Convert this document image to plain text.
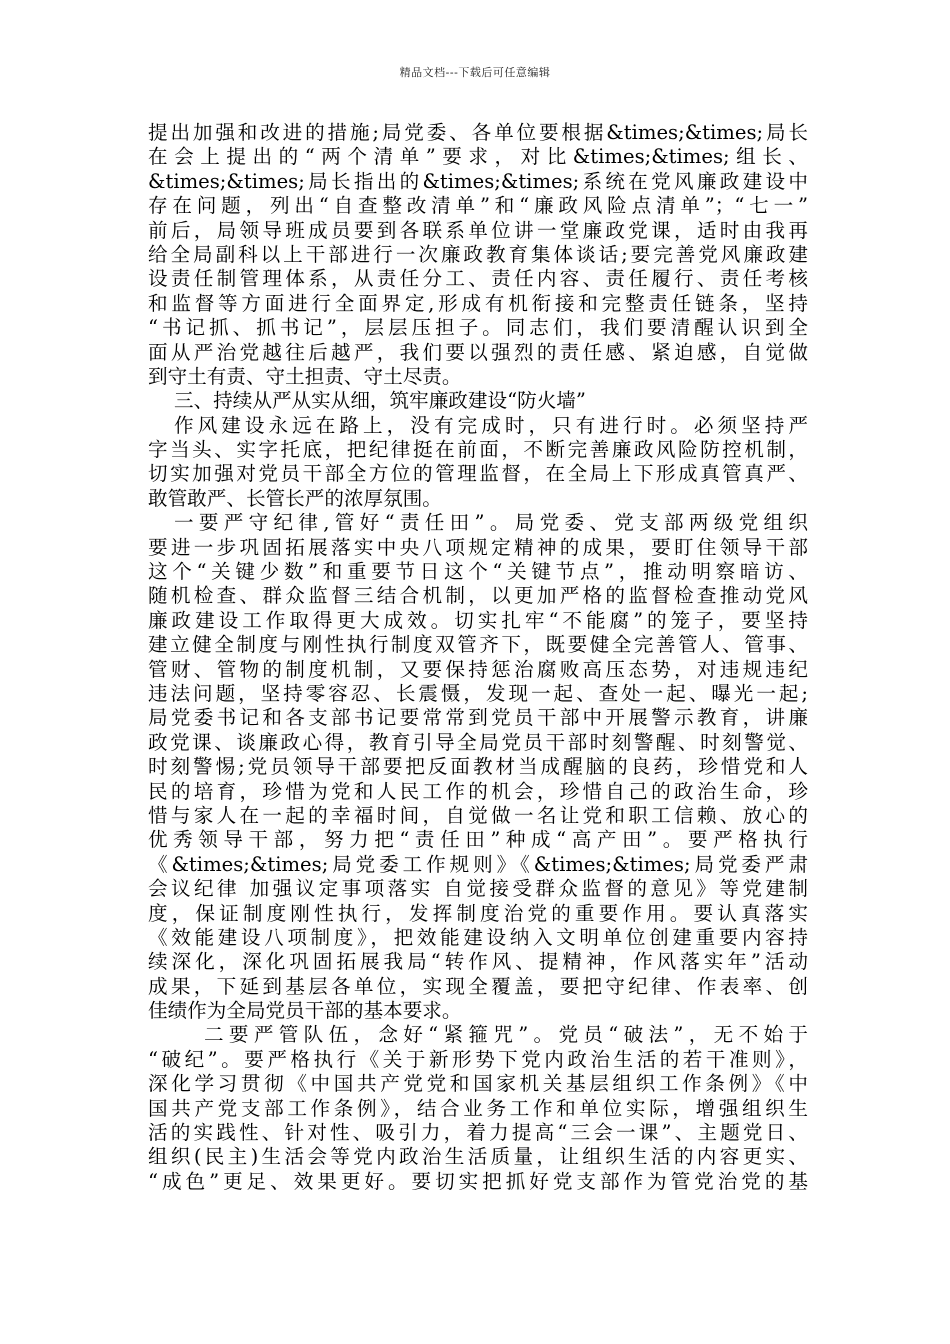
精品文档---下载后可任意编辑
提出加强和改进的措施;局党委、各单位要根据&times;&times;局长
在会上提出的“两个清单”要求，对比&times;&times;组长、
&times;&times;局长指出的&times;&times;系统在党风廉政建设中
存在问题，列出“自查整改清单”和“廉政风险点清单”；“七一”
前后，局领导班成员要到各联系单位讲一堂廉政党课，适时由我再
给全局副科以上干部进行一次廉政教育集体谈话;要完善党风廉政建
设责任制管理体系，从责任分工、责任内容、责任履行、责任考核
和监督等方面进行全面界定,形成有机衔接和完整责任链条，坚持
“书记抓、抓书记”，层层压担子。同志们，我们要清醒认识到全
面从严治党越往后越严，我们要以强烈的责任感、紧迫感，自觉做
到守土有责、守土担责、守土尽责。
三、持续从严从实从细，筑牢廉政建设“防火墙”
作风建设永远在路上，没有完成时，只有进行时。必须坚持严
字当头、实字托底，把纪律挺在前面，不断完善廉政风险防控机制，
切实加强对党员干部全方位的管理监督，在全局上下形成真管真严、
敢管敢严、长管长严的浓厚氛围。
一要严守纪律,管好“责任田”。局党委、党支部两级党组织
要进一步巩固拓展落实中央八项规定精神的成果，要盯住领导干部
这个“关键少数”和重要节日这个“关键节点”，推动明察暗访、
随机检查、群众监督三结合机制，以更加严格的监督检查推动党风
廉政建设工作取得更大成效。切实扎牢“不能腐”的笼子，要坚持
建立健全制度与刚性执行制度双管齐下，既要健全完善管人、管事、
管财、管物的制度机制，又要保持惩治腐败高压态势，对违规违纪
违法问题，坚持零容忍、长震慑，发现一起、查处一起、曝光一起;
局党委书记和各支部书记要常常到党员干部中开展警示教育，讲廉
政党课、谈廉政心得，教育引导全局党员干部时刻警醒、时刻警觉、
时刻警惕;党员领导干部要把反面教材当成醒脑的良药，珍惜党和人
民的培育，珍惜为党和人民工作的机会，珍惜自己的政治生命，珍
惜与家人在一起的幸福时间，自觉做一名让党和职工信赖、放心的
优秀领导干部，努力把“责任田”种成“高产田”。要严格执行
《&times;&times;局党委工作规则》《&times;&times;局党委严肃
会议纪律 加强议定事项落实 自觉接受群众监督的意见》等党建制
度，保证制度刚性执行，发挥制度治党的重要作用。要认真落实
《效能建设八项制度》，把效能建设纳入文明单位创建重要内容持
续深化，深化巩固拓展我局“转作风、提精神，作风落实年”活动
成果，下延到基层各单位，实现全覆盖，要把守纪律、作表率、创
佳绩作为全局党员干部的基本要求。
二要严管队伍，念好“紧箍咒”。党员“破法”，无不始于
“破纪”。要严格执行《关于新形势下党内政治生活的若干准则》，
深化学习贯彻《中国共产党党和国家机关基层组织工作条例》《中
国共产党支部工作条例》，结合业务工作和单位实际，增强组织生
活的实践性、针对性、吸引力，着力提高“三会一课”、主题党日、
组织(民主)生活会等党内政治生活质量，让组织生活的内容更实、
“成色”更足、效果更好。要切实把抓好党支部作为管党治党的基
